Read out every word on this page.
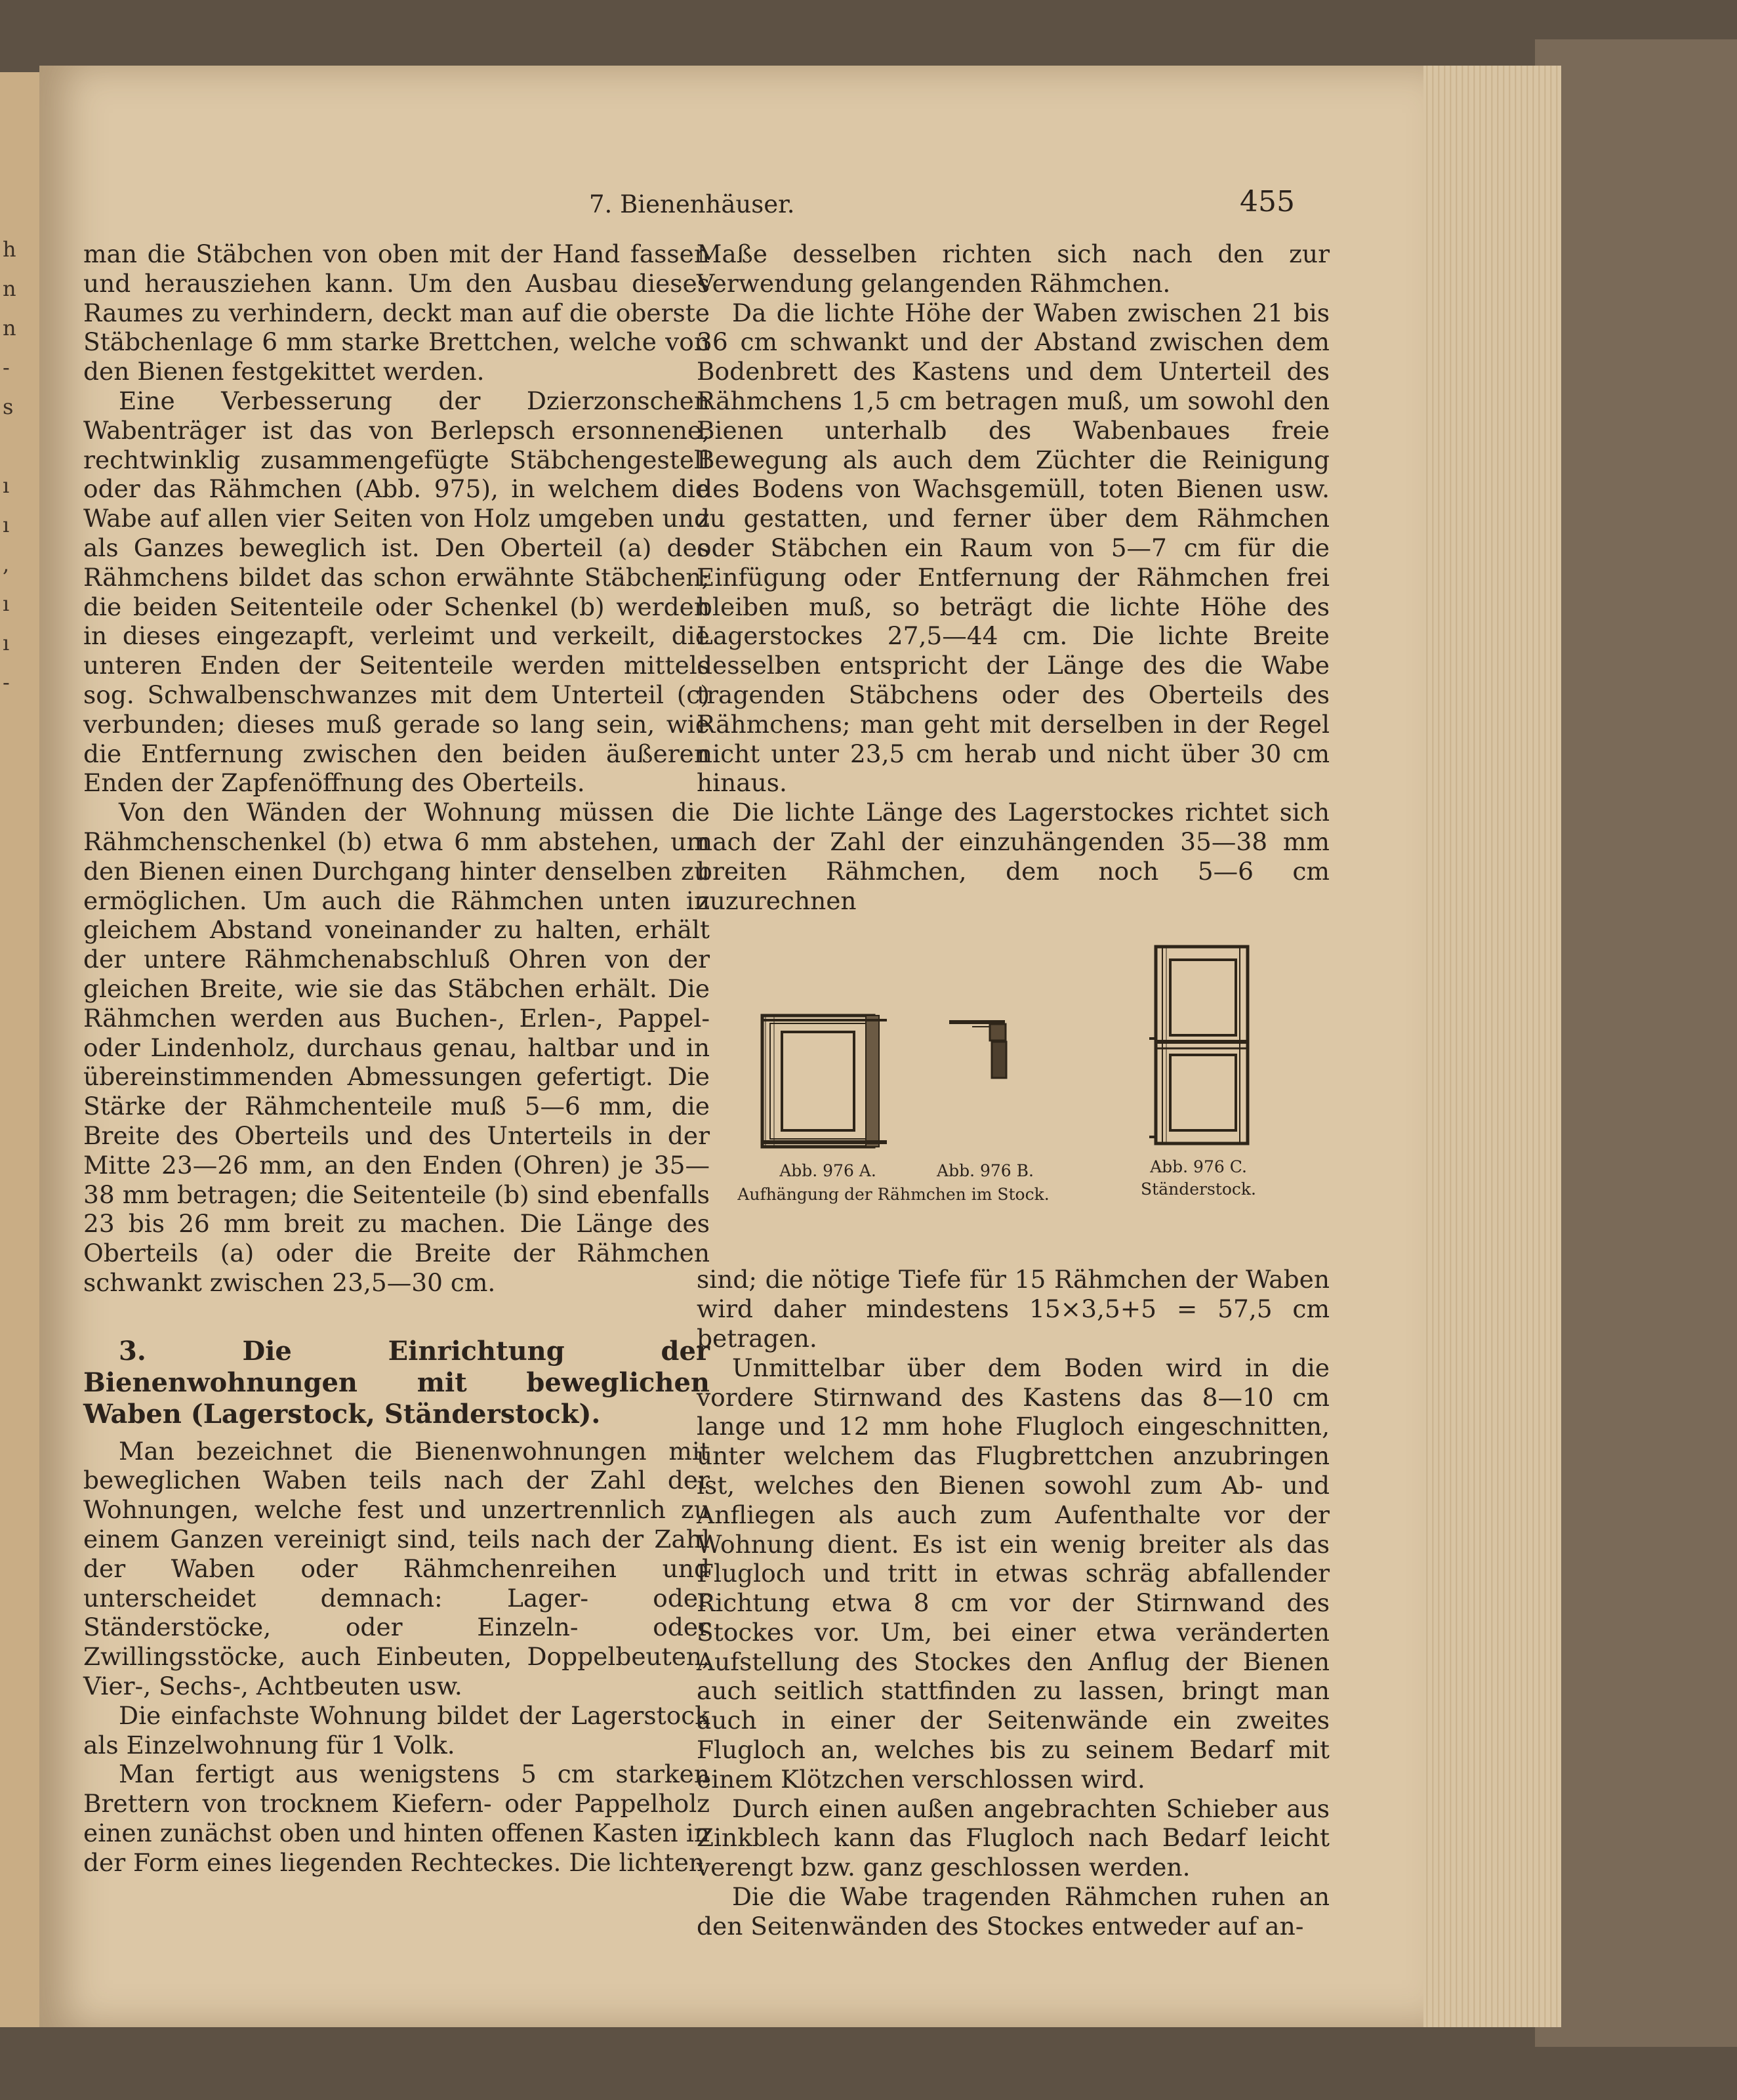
h
n
n
-
s
ı
ı
,
ı
ı
-
7. Bienenhäuser.	455

man die Stäbchen von oben mit der Hand fassen und herausziehen kann. Um den Ausbau dieses Raumes zu verhindern, deckt man auf die oberste Stäbchenlage 6 mm starke Brettchen, welche von den Bienen festgekittet werden.

Eine Verbesserung der Dzierzonschen Wabenträger ist das von Berlepsch ersonnene, rechtwinklig zusammengefügte Stäbchengestell oder das Rähmchen (Abb. 975), in welchem die Wabe auf allen vier Seiten von Holz umgeben und als Ganzes beweglich ist. Den Oberteil (a) des Rähmchens bildet das schon erwähnte Stäbchen; die beiden Seitenteile oder Schenkel (b) werden in dieses eingezapft, verleimt und verkeilt, die unteren Enden der Seitenteile werden mittels sog. Schwalbenschwanzes mit dem Unterteil (c) verbunden; dieses muß gerade so lang sein, wie die Entfernung zwischen den beiden äußeren Enden der Zapfenöffnung des Oberteils.

Von den Wänden der Wohnung müssen die Rähmchenschenkel (b) etwa 6 mm abstehen, um den Bienen einen Durchgang hinter denselben zu ermöglichen. Um auch die Rähmchen unten in gleichem Abstand voneinander zu halten, erhält der untere Rähmchenabschluß Ohren von der gleichen Breite, wie sie das Stäbchen erhält. Die Rähmchen werden aus Buchen-, Erlen-, Pappel- oder Lindenholz, durchaus genau, haltbar und in übereinstimmenden Abmessungen gefertigt. Die Stärke der Rähmchenteile muß 5—6 mm, die Breite des Oberteils und des Unterteils in der Mitte 23—26 mm, an den Enden (Ohren) je 35—38 mm betragen; die Seitenteile (b) sind ebenfalls 23 bis 26 mm breit zu machen. Die Länge des Oberteils (a) oder die Breite der Rähmchen schwankt zwischen 23,5—30 cm.

3. Die Einrichtung der Bienenwohnungen mit beweglichen Waben (Lagerstock, Ständerstock).

Man bezeichnet die Bienenwohnungen mit beweglichen Waben teils nach der Zahl der Wohnungen, welche fest und unzertrennlich zu einem Ganzen vereinigt sind, teils nach der Zahl der Waben oder Rähmchenreihen und unterscheidet demnach: Lager- oder Ständerstöcke, oder Einzeln- oder Zwillingsstöcke, auch Einbeuten, Doppelbeuten, Vier-, Sechs-, Achtbeuten usw.

Die einfachste Wohnung bildet der Lagerstock als Einzelwohnung für 1 Volk.

Man fertigt aus wenigstens 5 cm starken Brettern von trocknem Kiefern- oder Pappelholz einen zunächst oben und hinten offenen Kasten in der Form eines liegenden Rechteckes. Die lichten

Maße desselben richten sich nach den zur Verwendung gelangenden Rähmchen.

Da die lichte Höhe der Waben zwischen 21 bis 36 cm schwankt und der Abstand zwischen dem Bodenbrett des Kastens und dem Unterteil des Rähmchens 1,5 cm betragen muß, um sowohl den Bienen unterhalb des Wabenbaues freie Bewegung als auch dem Züchter die Reinigung des Bodens von Wachsgemüll, toten Bienen usw. zu gestatten, und ferner über dem Rähmchen oder Stäbchen ein Raum von 5—7 cm für die Einfügung oder Entfernung der Rähmchen frei bleiben muß, so beträgt die lichte Höhe des Lagerstockes 27,5—44 cm. Die lichte Breite desselben entspricht der Länge des die Wabe tragenden Stäbchens oder des Oberteils des Rähmchens; man geht mit derselben in der Regel nicht unter 23,5 cm herab und nicht über 30 cm hinaus.

Die lichte Länge des Lagerstockes richtet sich nach der Zahl der einzuhängenden 35—38 mm breiten Rähmchen, dem noch 5—6 cm zuzurechnen

Abb. 976 A.	Abb. 976 B.
Aufhängung der Rähmchen im Stock.
Abb. 976 C.
Ständerstock.

sind; die nötige Tiefe für 15 Rähmchen der Waben wird daher mindestens 15×3,5+5 = 57,5 cm betragen.

Unmittelbar über dem Boden wird in die vordere Stirnwand des Kastens das 8—10 cm lange und 12 mm hohe Flugloch eingeschnitten, unter welchem das Flugbrettchen anzubringen ist, welches den Bienen sowohl zum Ab- und Anfliegen als auch zum Aufenthalte vor der Wohnung dient. Es ist ein wenig breiter als das Flugloch und tritt in etwas schräg abfallender Richtung etwa 8 cm vor der Stirnwand des Stockes vor. Um, bei einer etwa veränderten Aufstellung des Stockes den Anflug der Bienen auch seitlich stattfinden zu lassen, bringt man auch in einer der Seitenwände ein zweites Flugloch an, welches bis zu seinem Bedarf mit einem Klötzchen verschlossen wird.

Durch einen außen angebrachten Schieber aus Zinkblech kann das Flugloch nach Bedarf leicht verengt bzw. ganz geschlossen werden.

Die die Wabe tragenden Rähmchen ruhen an den Seitenwänden des Stockes entweder auf an-
